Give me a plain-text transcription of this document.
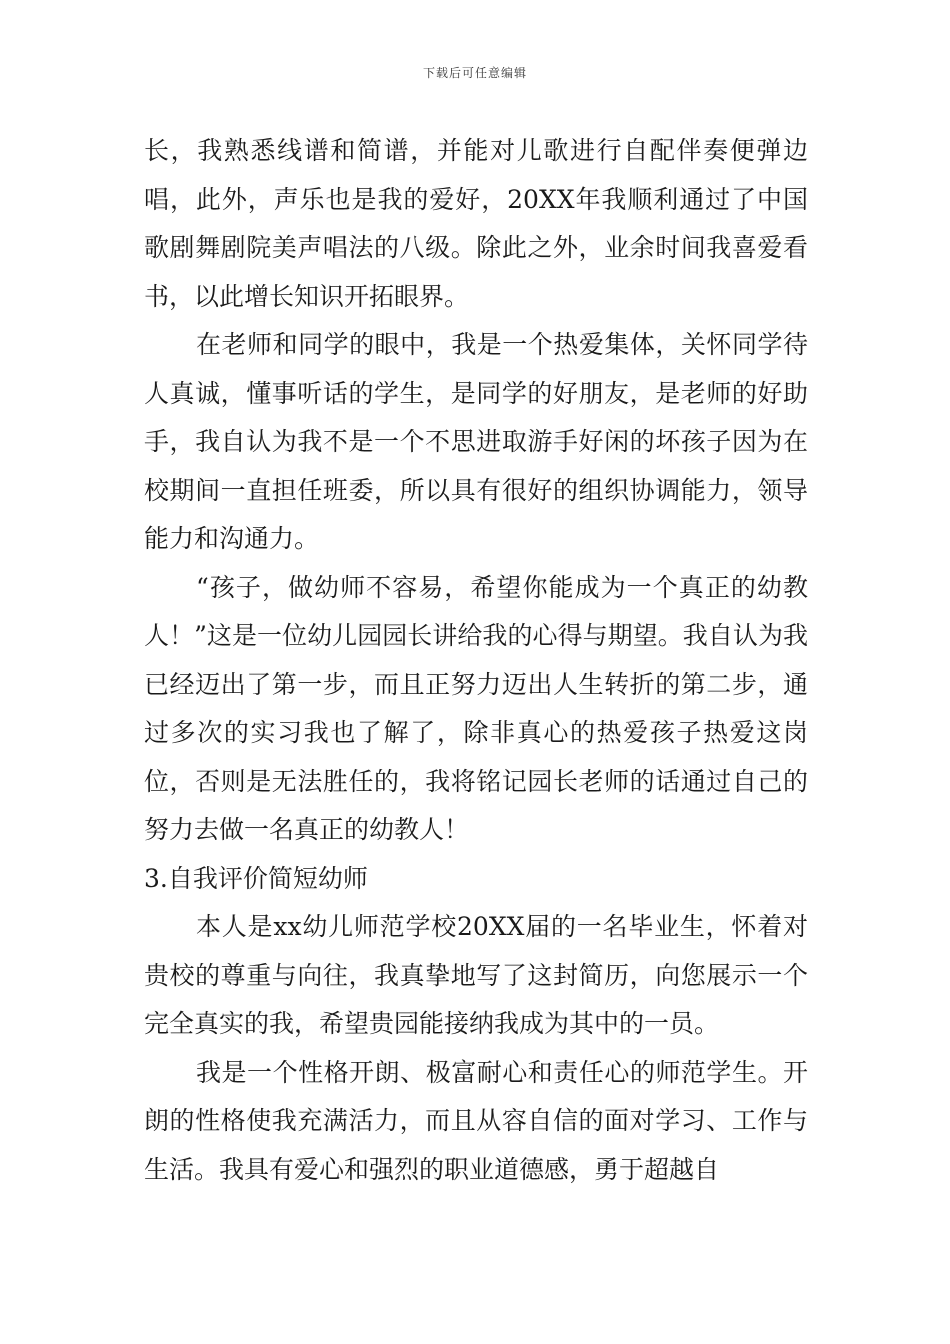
下载后可任意编辑

长，我熟悉线谱和简谱，并能对儿歌进行自配伴奏便弹边唱，此外，声乐也是我的爱好，20XX年我顺利通过了中国歌剧舞剧院美声唱法的八级。除此之外，业余时间我喜爱看书，以此增长知识开拓眼界。

在老师和同学的眼中，我是一个热爱集体，关怀同学待人真诚，懂事听话的学生，是同学的好朋友，是老师的好助手，我自认为我不是一个不思进取游手好闲的坏孩子因为在校期间一直担任班委，所以具有很好的组织协调能力，领导能力和沟通力。

“孩子，做幼师不容易，希望你能成为一个真正的幼教人！”这是一位幼儿园园长讲给我的心得与期望。我自认为我已经迈出了第一步，而且正努力迈出人生转折的第二步，通过多次的实习我也了解了，除非真心的热爱孩子热爱这岗位，否则是无法胜任的，我将铭记园长老师的话通过自己的努力去做一名真正的幼教人！

3.自我评价简短幼师

本人是xx幼儿师范学校20XX届的一名毕业生，怀着对贵校的尊重与向往，我真挚地写了这封简历，向您展示一个完全真实的我，希望贵园能接纳我成为其中的一员。

我是一个性格开朗、极富耐心和责任心的师范学生。开朗的性格使我充满活力，而且从容自信的面对学习、工作与生活。我具有爱心和强烈的职业道德感，勇于超越自
